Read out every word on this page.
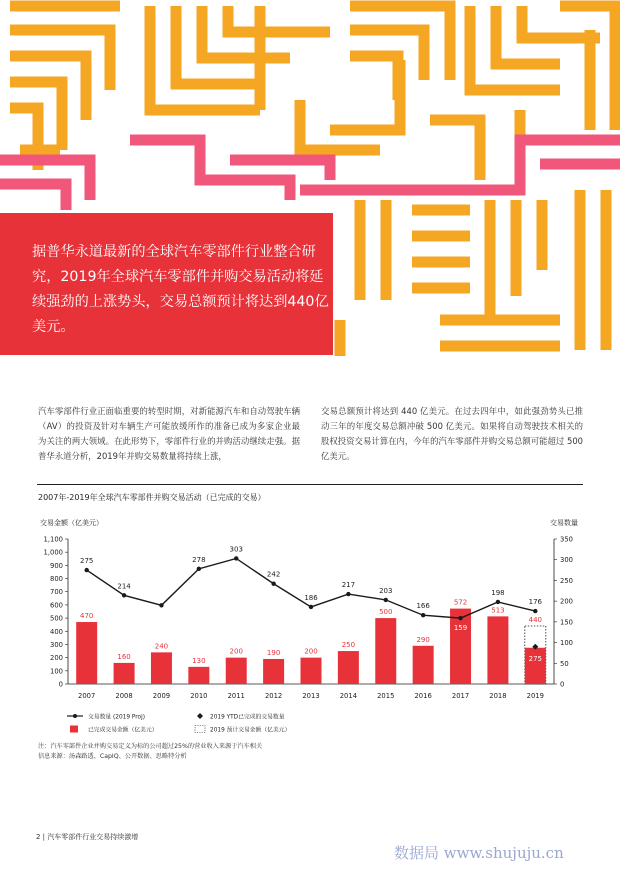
据普华永道最新的全球汽车零部件行业整合研究，2019年全球汽车零部件并购交易活动将延续强劲的上涨势头，交易总额预计将达到440亿美元。
汽车零部件行业正面临重要的转型时期，对新能源汽车和自动驾驶车辆（AV）的投资及针对车辆生产可能放缓所作的准备已成为多家企业最为关注的两大领域。在此形势下，零部件行业的并购活动继续走强。据普华永道分析，2019年并购交易数量将持续上涨，
交易总额预计将达到 440 亿美元。在过去四年中，如此强劲势头已推动三年的年度交易总额冲破 500 亿美元。如果将自动驾驶技术相关的股权投资交易计算在内，今年的汽车零部件并购交易总额可能超过 500 亿美元。
2007年-2019年全球汽车零部件并购交易活动（已完成的交易）
交易金额（亿美元）	交易数量
0
100
200
300
400
500
600
700
800
900
1,000
1,100
0
50
100
150
200
250
300
350
2007	2008	2009	2010	2011	2012	2013	2014	2015	2016	2017	2018	2019
440
470
160
240
130
200	190	200
250
500
290
572
513
275
275
214
278
303
242
186
217
203
166
159
198
176
交易数量 (2019 Proj)	2019 YTD已完成的交易数量
已完成交易金额（亿美元）	2019 预计交易金额（亿美元）
注：汽车零部件企业并购交易定义为标的公司超过25%的营业收入来源于汽车相关
信息来源：汤森路透、CapIQ、公开数据、思略特分析
2 | 汽车零部件行业交易持续激增
数据局 www.shujuju.cn
